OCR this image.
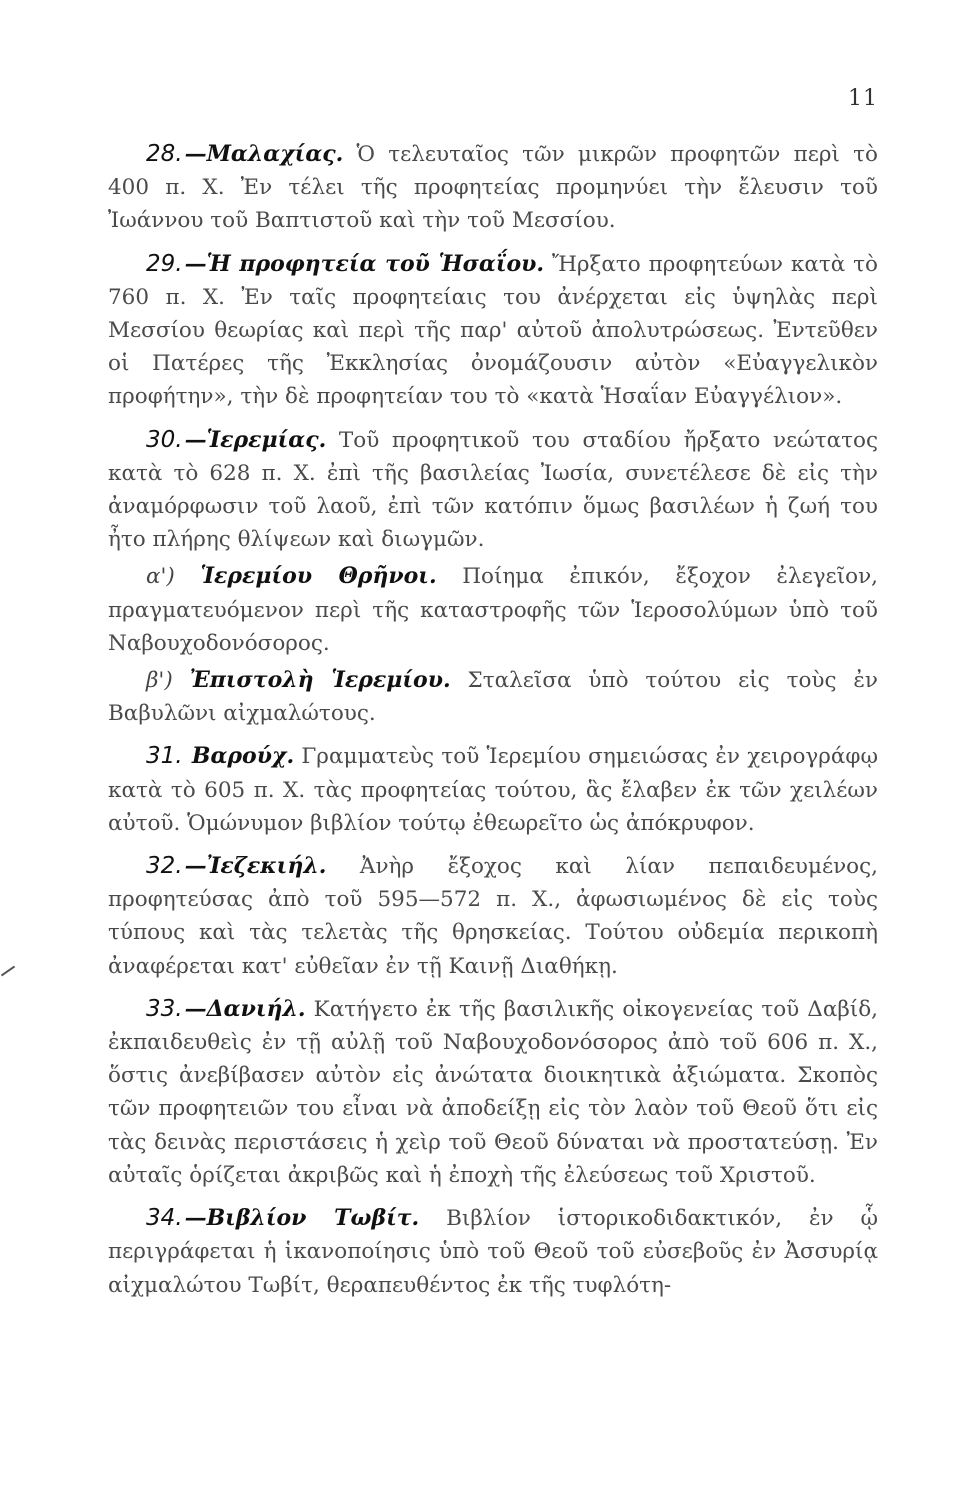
11

28.—Μαλαχίας. Ὁ τελευταῖος τῶν μικρῶν προφητῶν περὶ τὸ 400 π. Χ. Ἐν τέλει τῆς προφητείας προμηνύει τὴν ἔλευσιν τοῦ Ἰωάννου τοῦ Βαπτιστοῦ καὶ τὴν τοῦ Μεσσίου.

29.—Ἡ προφητεία τοῦ Ἡσαΐου. Ἤρξατο προφητεύων κατὰ τὸ 760 π. Χ. Ἐν ταῖς προφητείαις του ἀνέρχεται εἰς ὑψηλὰς περὶ Μεσσίου θεωρίας καὶ περὶ τῆς παρ' αὐτοῦ ἀπολυτρώσεως. Ἐντεῦθεν οἱ Πατέρες τῆς Ἐκκλησίας ὀνομάζουσιν αὐτὸν «Εὐαγγελικὸν προφήτην», τὴν δὲ προφητείαν του τὸ «κατὰ Ἡσαΐαν Εὐαγγέλιον».

30.—Ἱερεμίας. Τοῦ προφητικοῦ του σταδίου ἤρξατο νεώτατος κατὰ τὸ 628 π. Χ. ἐπὶ τῆς βασιλείας Ἰωσία, συνετέλεσε δὲ εἰς τὴν ἀναμόρφωσιν τοῦ λαοῦ, ἐπὶ τῶν κατόπιν ὅμως βασιλέων ἡ ζωή του ἦτο πλήρης θλίψεων καὶ διωγμῶν.

α') Ἱερεμίου Θρῆνοι. Ποίημα ἐπικόν, ἔξοχον ἐλεγεῖον, πραγματευόμενον περὶ τῆς καταστροφῆς τῶν Ἱεροσολύμων ὑπὸ τοῦ Ναβουχοδονόσορος.

β') Ἐπιστολὴ Ἱερεμίου. Σταλεῖσα ὑπὸ τούτου εἰς τοὺς ἐν Βαβυλῶνι αἰχμαλώτους.

31. Βαρούχ. Γραμματεὺς τοῦ Ἱερεμίου σημειώσας ἐν χειρογράφῳ κατὰ τὸ 605 π. Χ. τὰς προφητείας τούτου, ἃς ἔλαβεν ἐκ τῶν χειλέων αὐτοῦ. Ὁμώνυμον βιβλίον τούτῳ ἐθεωρεῖτο ὡς ἀπόκρυφον.

32.—Ἰεζεκιήλ. Ἀνὴρ ἔξοχος καὶ λίαν πεπαιδευμένος, προφητεύσας ἀπὸ τοῦ 595—572 π. Χ., ἀφωσιωμένος δὲ εἰς τοὺς τύπους καὶ τὰς τελετὰς τῆς θρησκείας. Τούτου οὐδεμία περικοπὴ ἀναφέρεται κατ' εὐθεῖαν ἐν τῇ Καινῇ Διαθήκῃ.

33.—Δανιήλ. Κατήγετο ἐκ τῆς βασιλικῆς οἰκογενείας τοῦ Δαβίδ, ἐκπαιδευθεὶς ἐν τῇ αὐλῇ τοῦ Ναβουχοδονόσορος ἀπὸ τοῦ 606 π. Χ., ὅστις ἀνεβίβασεν αὐτὸν εἰς ἀνώτατα διοικητικὰ ἀξιώματα. Σκοπὸς τῶν προφητειῶν του εἶναι νὰ ἀποδείξῃ εἰς τὸν λαὸν τοῦ Θεοῦ ὅτι εἰς τὰς δεινὰς περιστάσεις ἡ χεὶρ τοῦ Θεοῦ δύναται νὰ προστατεύσῃ. Ἐν αὐταῖς ὁρίζεται ἀκριβῶς καὶ ἡ ἐποχὴ τῆς ἐλεύσεως τοῦ Χριστοῦ.

34.—Βιβλίον Τωβίτ. Βιβλίον ἱστορικοδιδακτικόν, ἐν ᾧ περιγράφεται ἡ ἱκανοποίησις ὑπὸ τοῦ Θεοῦ τοῦ εὐσεβοῦς ἐν Ἀσσυρίᾳ αἰχμαλώτου Τωβίτ, θεραπευθέντος ἐκ τῆς τυφλότη-
